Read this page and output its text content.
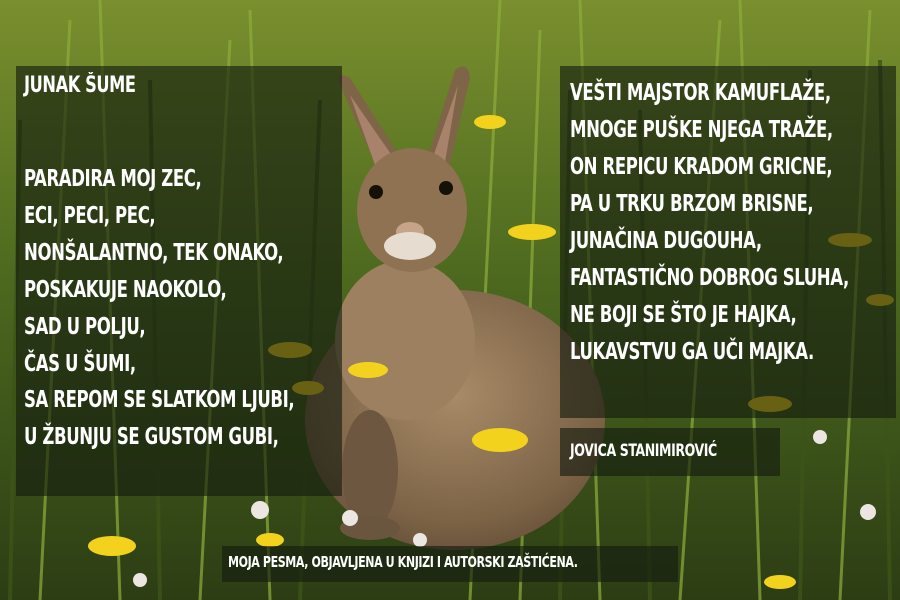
JUNAK ŠUME
PARADIRA MOJ ZEC,
ECI, PECI, PEC,
NONŠALANTNO, TEK ONAKO,
POSKAKUJE NAOKOLO,
SAD U POLJU,
ČAS U ŠUMI,
SA REPOM SE SLATKOM LJUBI,
U ŽBUNJU SE GUSTOM GUBI,
VEŠTI MAJSTOR KAMUFLAŽE,
MNOGE PUŠKE NJEGA TRAŽE,
ON REPICU KRADOM GRICNE,
PA U TRKU BRZOM BRISNE,
JUNAČINA DUGOUHA,
FANTASTIČNO DOBROG SLUHA,
NE BOJI SE ŠTO JE HAJKA,
LUKAVSTVU GA UČI MAJKA.
JOVICA STANIMIROVIĆ
MOJA PESMA, OBJAVLJENA U KNJIZI I AUTORSKI ZAŠTIĆENA.
